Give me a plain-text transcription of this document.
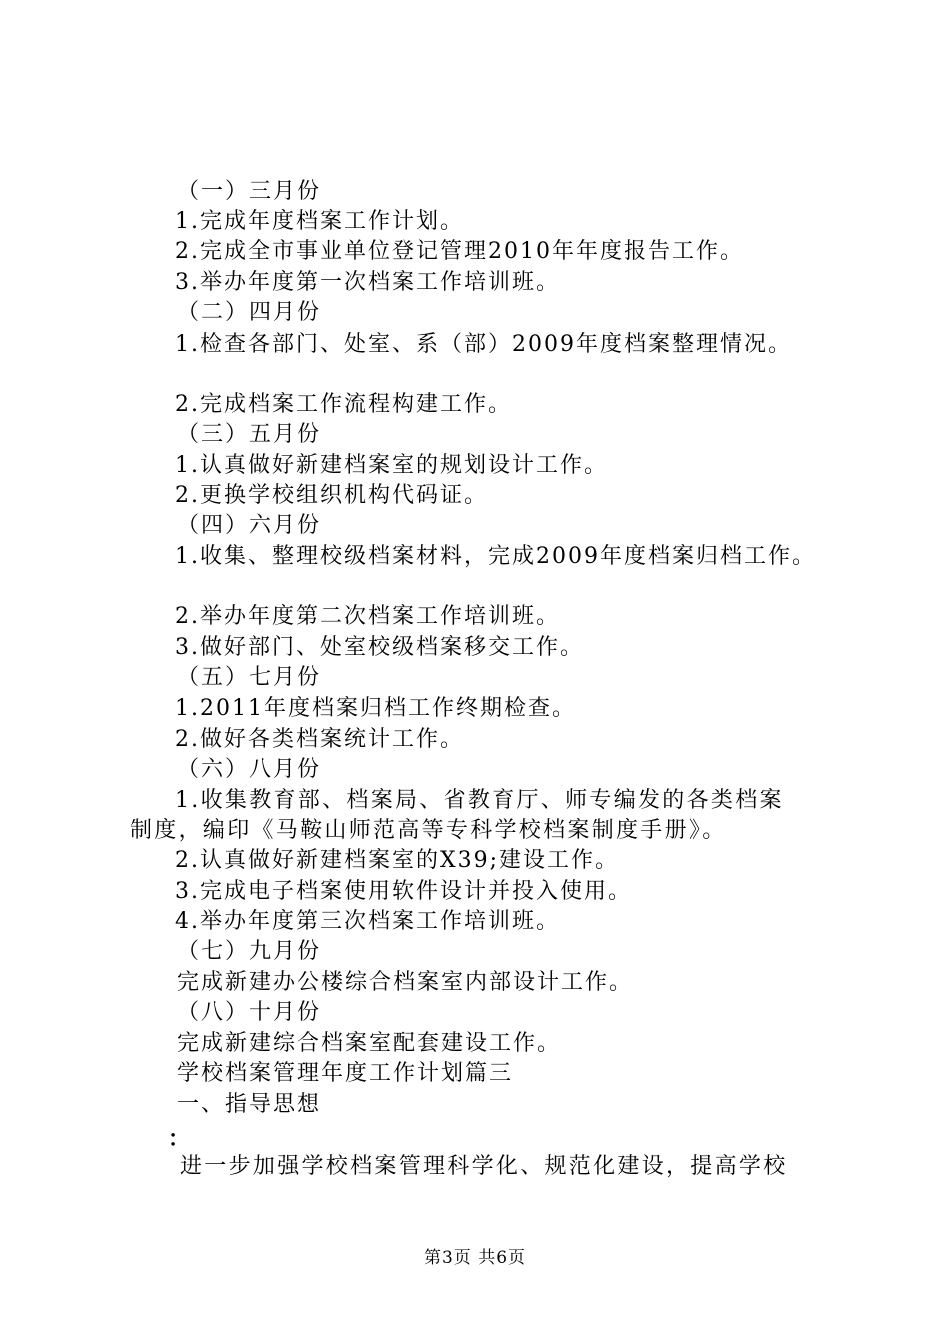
（一）三月份
1.完成年度档案工作计划。
2.完成全市事业单位登记管理2010年年度报告工作。
3.举办年度第一次档案工作培训班。
（二）四月份
1.检查各部门、处室、系（部）2009年度档案整理情况。
2.完成档案工作流程构建工作。
（三）五月份
1.认真做好新建档案室的规划设计工作。
2.更换学校组织机构代码证。
（四）六月份
1.收集、整理校级档案材料，完成2009年度档案归档工作。
2.举办年度第二次档案工作培训班。
3.做好部门、处室校级档案移交工作。
（五）七月份
1.2011年度档案归档工作终期检查。
2.做好各类档案统计工作。
（六）八月份
1.收集教育部、档案局、省教育厅、师专编发的各类档案
制度，编印《马鞍山师范高等专科学校档案制度手册》。
2.认真做好新建档案室的X39;建设工作。
3.完成电子档案使用软件设计并投入使用。
4.举办年度第三次档案工作培训班。
（七）九月份
完成新建办公楼综合档案室内部设计工作。
（八）十月份
完成新建综合档案室配套建设工作。
学校档案管理年度工作计划篇三
一、指导思想
：
进一步加强学校档案管理科学化、规范化建设，提高学校
第3页 共6页
